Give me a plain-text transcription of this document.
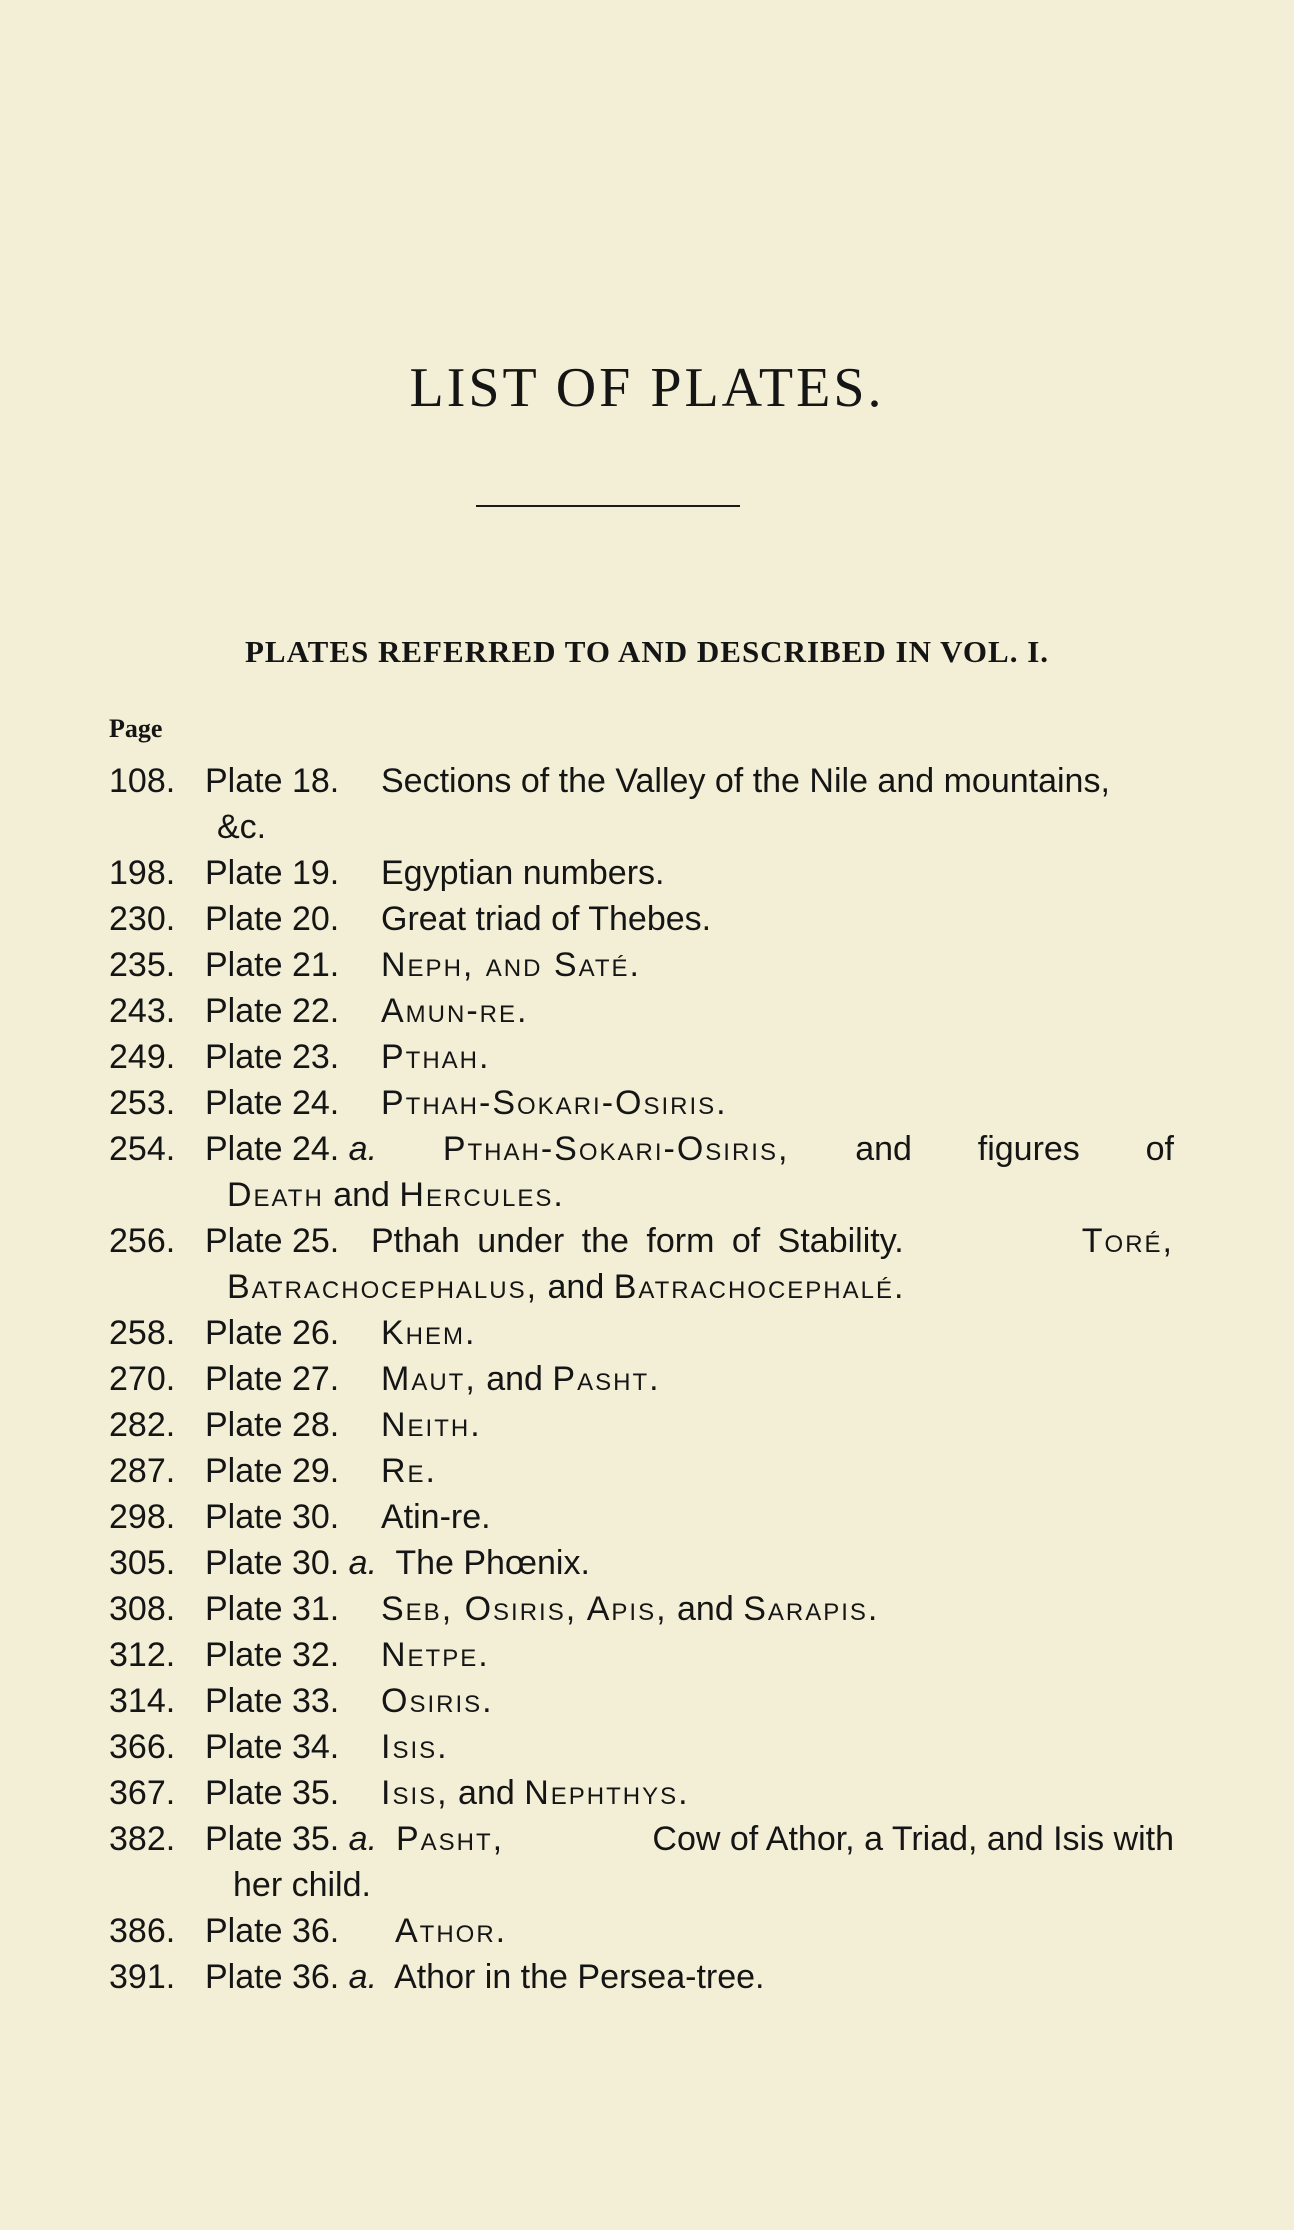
LIST OF PLATES.
PLATES REFERRED TO AND DESCRIBED IN VOL. I.
Page
108. Plate 18. Sections of the Valley of the Nile and mountains,
&c.
198. Plate 19. Egyptian numbers.
230. Plate 20. Great triad of Thebes.
235. Plate 21. Neph, and Saté.
243. Plate 22. Amun-re.
249. Plate 23. Pthah.
253. Plate 24. Pthah-Sokari-Osiris.
254. Plate 24. a. Pthah-Sokari-Osiris, and figures of
Death and Hercules.
256. Plate 25. Pthah under the form of Stability.	Toré,
Batrachocephalus, and Batrachocephalé.
258. Plate 26. Khem.
270. Plate 27. Maut, and Pasht.
282. Plate 28. Neith.
287. Plate 29. Re.
298. Plate 30. Atin-re.
305. Plate 30. a. The Phœnix.
308. Plate 31. Seb, Osiris, Apis, and Sarapis.
312. Plate 32. Netpe.
314. Plate 33. Osiris.
366. Plate 34. Isis.
367. Plate 35. Isis, and Nephthys.
382. Plate 35. a. Pasht,	Cow of Athor, a Triad, and Isis with
her child.
386. Plate 36. Athor.
391. Plate 36. a. Athor in the Persea-tree.
